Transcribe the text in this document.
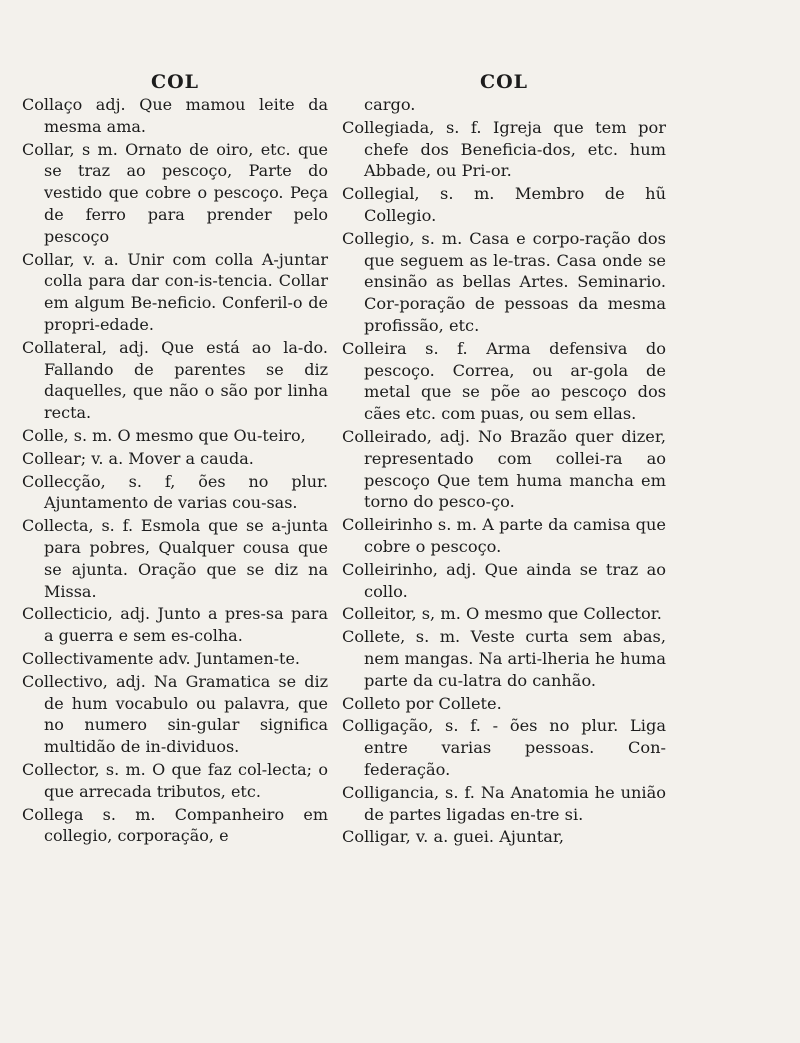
COL
Collaço adj. Que mamou leite da mesma ama.
Collar, s m. Ornato de oiro, etc. que se traz ao pescoço, Parte do vestido que cobre o pescoço. Peça de ferro para prender pelo pescoço
Collar, v. a. Unir com colla A-juntar colla para dar con-is-tencia. Collar em algum Be-neficio. Conferil-o de propri-edade.
Collateral, adj. Que está ao la-do. Fallando de parentes se diz daquelles, que não o são por linha recta.
Colle, s. m. O mesmo que Ou-teiro,
Collear; v. a. Mover a cauda.
Collecção, s. f, ões no plur. Ajuntamento de varias cou-sas.
Collecta, s. f. Esmola que se a-junta para pobres, Qualquer cousa que se ajunta. Oração que se diz na Missa.
Collecticio, adj. Junto a pres-sa para a guerra e sem es-colha.
Collectivamente adv. Juntamen-te.
Collectivo, adj. Na Gramatica se diz de hum vocabulo ou palavra, que no numero sin-gular significa multidão de in-dividuos.
Collector, s. m. O que faz col-lecta; o que arrecada tributos, etc.
Collega s. m. Companheiro em collegio, corporação, e
COL
cargo.
Collegiada, s. f. Igreja que tem por chefe dos Beneficia-dos, etc. hum Abbade, ou Pri-or.
Collegial, s. m. Membro de hũ Collegio.
Collegio, s. m. Casa e corpo-ração dos que seguem as le-tras. Casa onde se ensinão as bellas Artes. Seminario. Cor-poração de pessoas da mesma profissão, etc.
Colleira s. f. Arma defensiva do pescoço. Correa, ou ar-gola de metal que se põe ao pescoço dos cães etc. com puas, ou sem ellas.
Colleirado, adj. No Brazão quer dizer, representado com collei-ra ao pescoço Que tem huma mancha em torno do pesco-ço.
Colleirinho s. m. A parte da camisa que cobre o pescoço.
Colleirinho, adj. Que ainda se traz ao collo.
Colleitor, s, m. O mesmo que Collector.
Collete, s. m. Veste curta sem abas, nem mangas. Na arti-lheria he huma parte da cu-latra do canhão.
Colleto por Collete.
Colligação, s. f. - ões no plur. Liga entre varias pessoas. Con-federação.
Colligancia, s. f. Na Anatomia he união de partes ligadas en-tre si.
Colligar, v. a. guei. Ajuntar,
